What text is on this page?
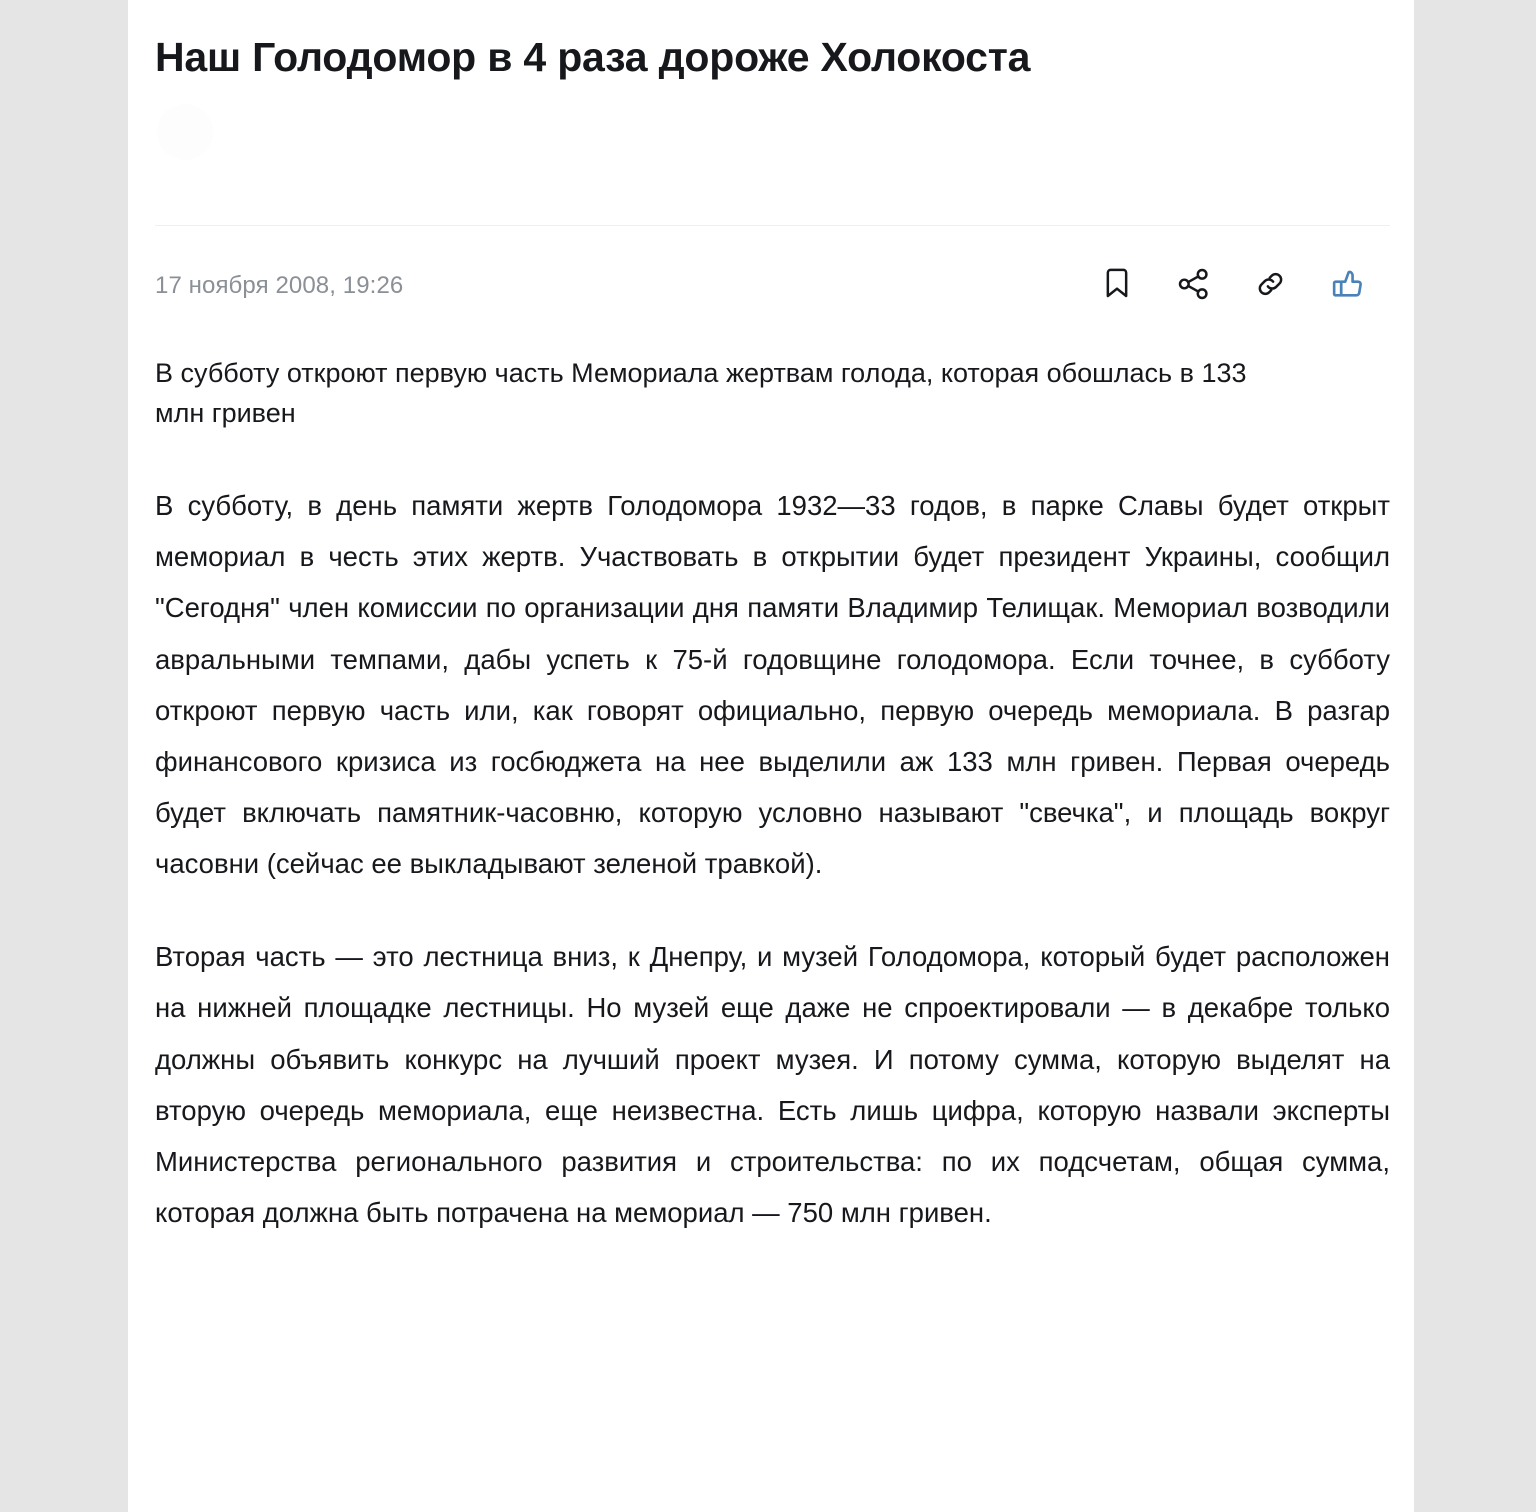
Наш Голодомор в 4 раза дороже Холокоста

17 ноября 2008, 19:26

В субботу откроют первую часть Мемориала жертвам голода, которая обошлась в 133 млн гривен

В субботу, в день памяти жертв Голодомора 1932—33 годов, в парке Славы будет открыт мемориал в честь этих жертв. Участвовать в открытии будет президент Украины, сообщил "Сегодня" член комиссии по организации дня памяти Владимир Телищак. Мемориал возводили авральными темпами, дабы успеть к 75-й годовщине голодомора. Если точнее, в субботу откроют первую часть или, как говорят официально, первую очередь мемориала. В разгар финансового кризиса из госбюджета на нее выделили аж 133 млн гривен. Первая очередь будет включать памятник-часовню, которую условно называют "свечка", и площадь вокруг часовни (сейчас ее выкладывают зеленой травкой).

Вторая часть — это лестница вниз, к Днепру, и музей Голодомора, который будет расположен на нижней площадке лестницы. Но музей еще даже не спроектировали — в декабре только должны объявить конкурс на лучший проект музея. И потому сумма, которую выделят на вторую очередь мемориала, еще неизвестна. Есть лишь цифра, которую назвали эксперты Министерства регионального развития и строительства: по их подсчетам, общая сумма, которая должна быть потрачена на мемориал — 750 млн гривен.
